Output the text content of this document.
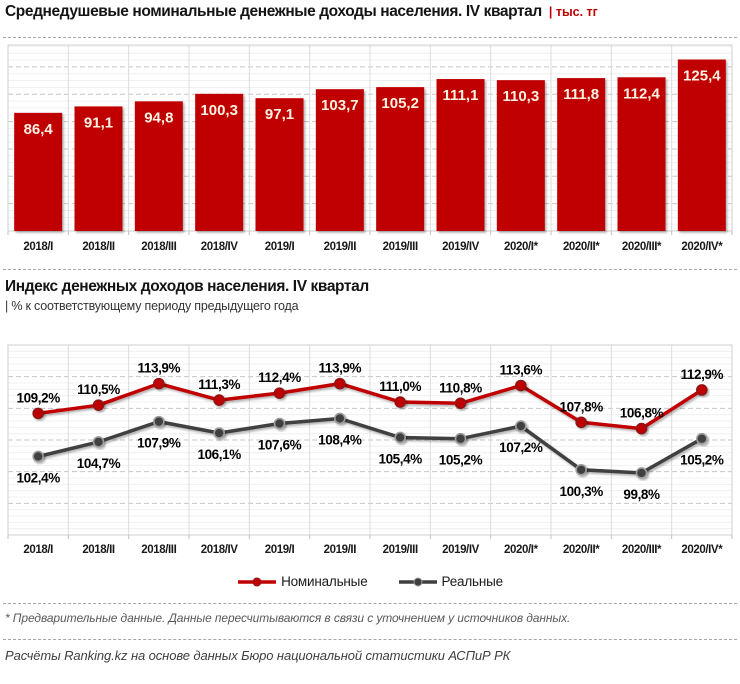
Среднедушевые номинальные денежные доходы населения. IV квартал | тыс. тг
86,4 91,1 94,8 100,3 97,1
103,7 105,2 111,1 110,3 111,8 112,4
125,4
2018/I	2018/II 2018/III 2018/IV 2019/I	2019/II 2019/III 2019/IV 2020/I* 2020/II* 2020/III* 2020/IV*
Индекс денежных доходов населения. IV квартал
| % к соответствующему периоду предыдущего года
109,2%
110,5%
113,9%
111,3% 112,4%
113,9%
111,0% 110,8%
113,6%
107,8% 106,8%
112,9%
102,4%
104,7%
107,9%
106,1%
107,6% 108,4%
105,4% 105,2%
107,2%
100,3% 99,8%
105,2%
2018/I	2018/II 2018/III 2018/IV 2019/I	2019/II 2019/III 2019/IV 2020/I* 2020/II* 2020/III* 2020/IV*
Номинальные	Реальные
* Предварительные данные. Данные пересчитываются в связи с уточнением у источников данных.
Расчёты Ranking.kz на основе данных Бюро национальной статистики АСПиР РК
